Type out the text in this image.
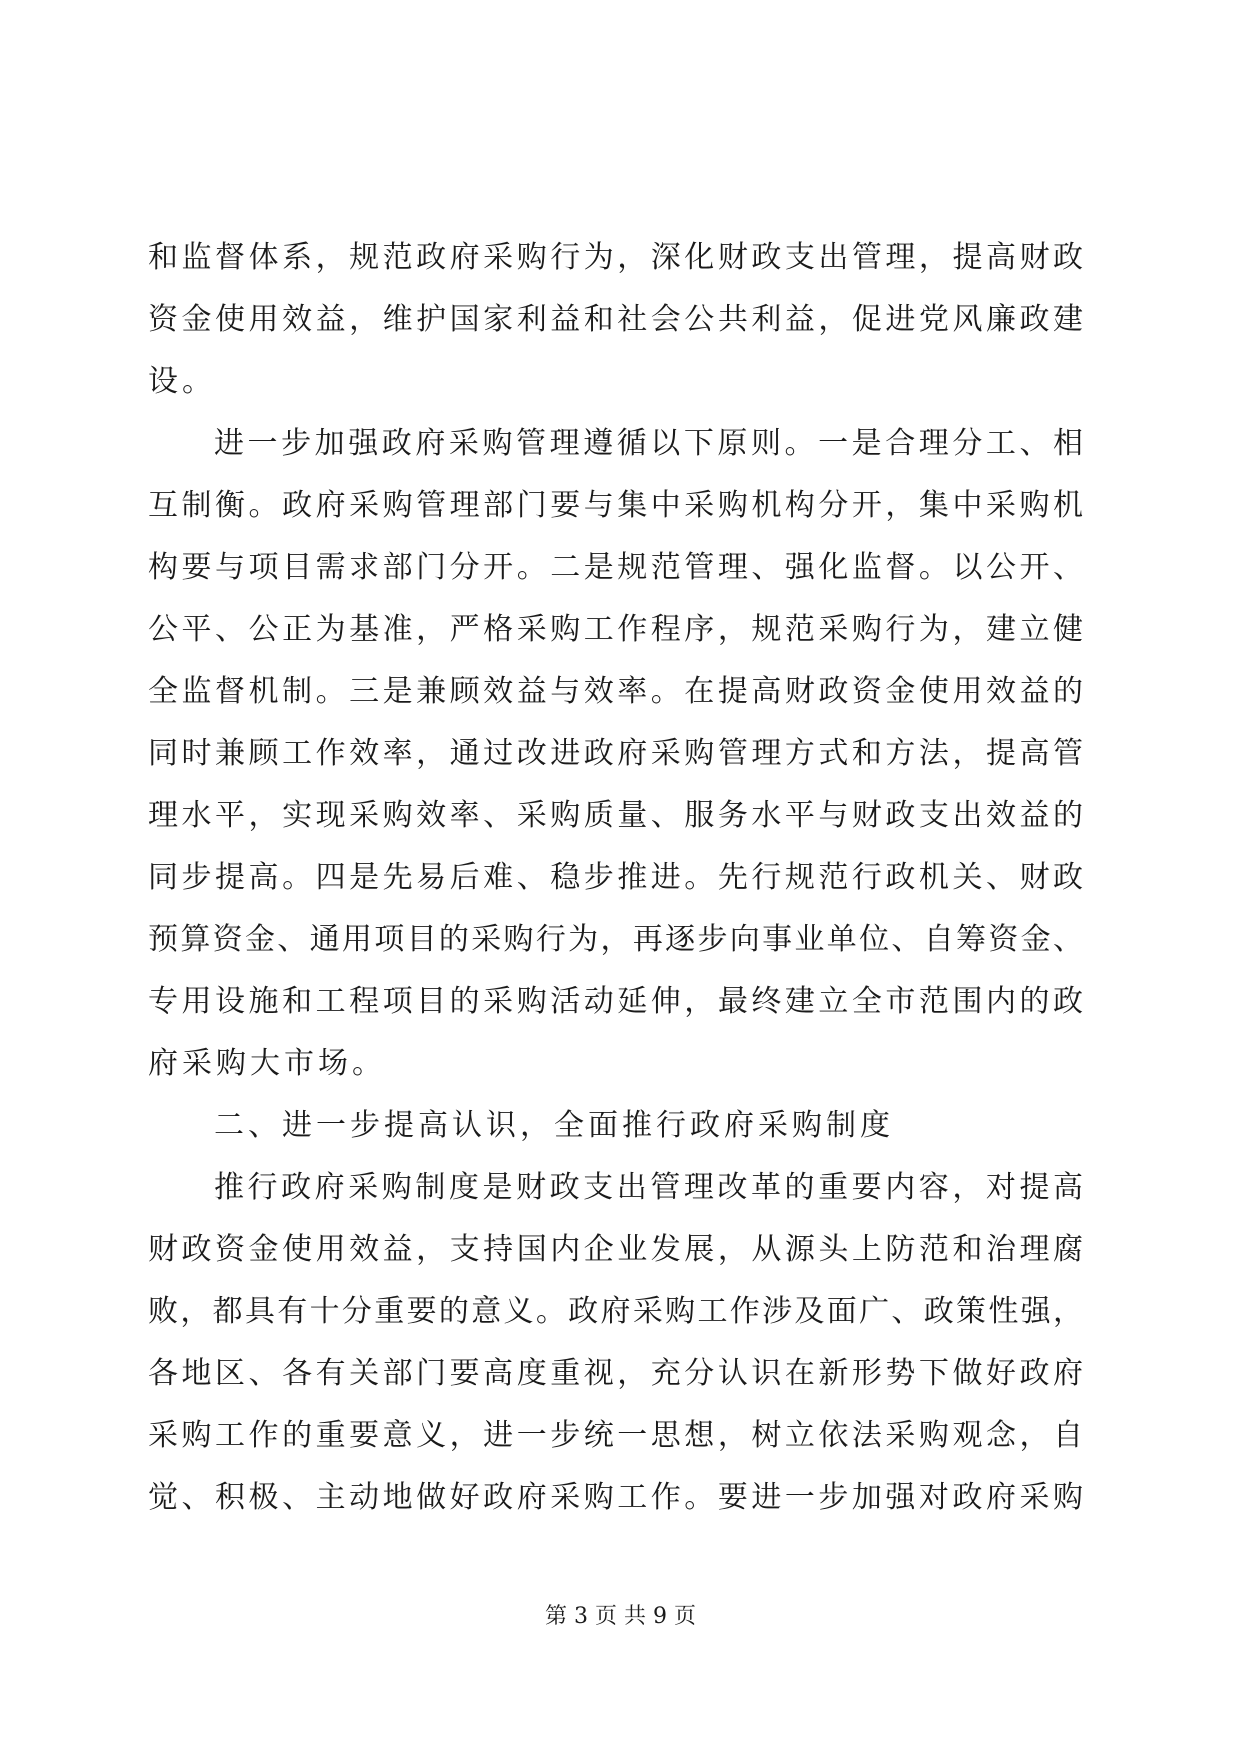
和监督体系，规范政府采购行为，深化财政支出管理，提高财政
资金使用效益，维护国家利益和社会公共利益，促进党风廉政建
设。
进一步加强政府采购管理遵循以下原则。一是合理分工、相
互制衡。政府采购管理部门要与集中采购机构分开，集中采购机
构要与项目需求部门分开。二是规范管理、强化监督。以公开、
公平、公正为基准，严格采购工作程序，规范采购行为，建立健
全监督机制。三是兼顾效益与效率。在提高财政资金使用效益的
同时兼顾工作效率，通过改进政府采购管理方式和方法，提高管
理水平，实现采购效率、采购质量、服务水平与财政支出效益的
同步提高。四是先易后难、稳步推进。先行规范行政机关、财政
预算资金、通用项目的采购行为，再逐步向事业单位、自筹资金、
专用设施和工程项目的采购活动延伸，最终建立全市范围内的政
府采购大市场。
二、进一步提高认识，全面推行政府采购制度
推行政府采购制度是财政支出管理改革的重要内容，对提高
财政资金使用效益，支持国内企业发展，从源头上防范和治理腐
败，都具有十分重要的意义。政府采购工作涉及面广、政策性强，
各地区、各有关部门要高度重视，充分认识在新形势下做好政府
采购工作的重要意义，进一步统一思想，树立依法采购观念，自
觉、积极、主动地做好政府采购工作。要进一步加强对政府采购
第 3 页 共 9 页
